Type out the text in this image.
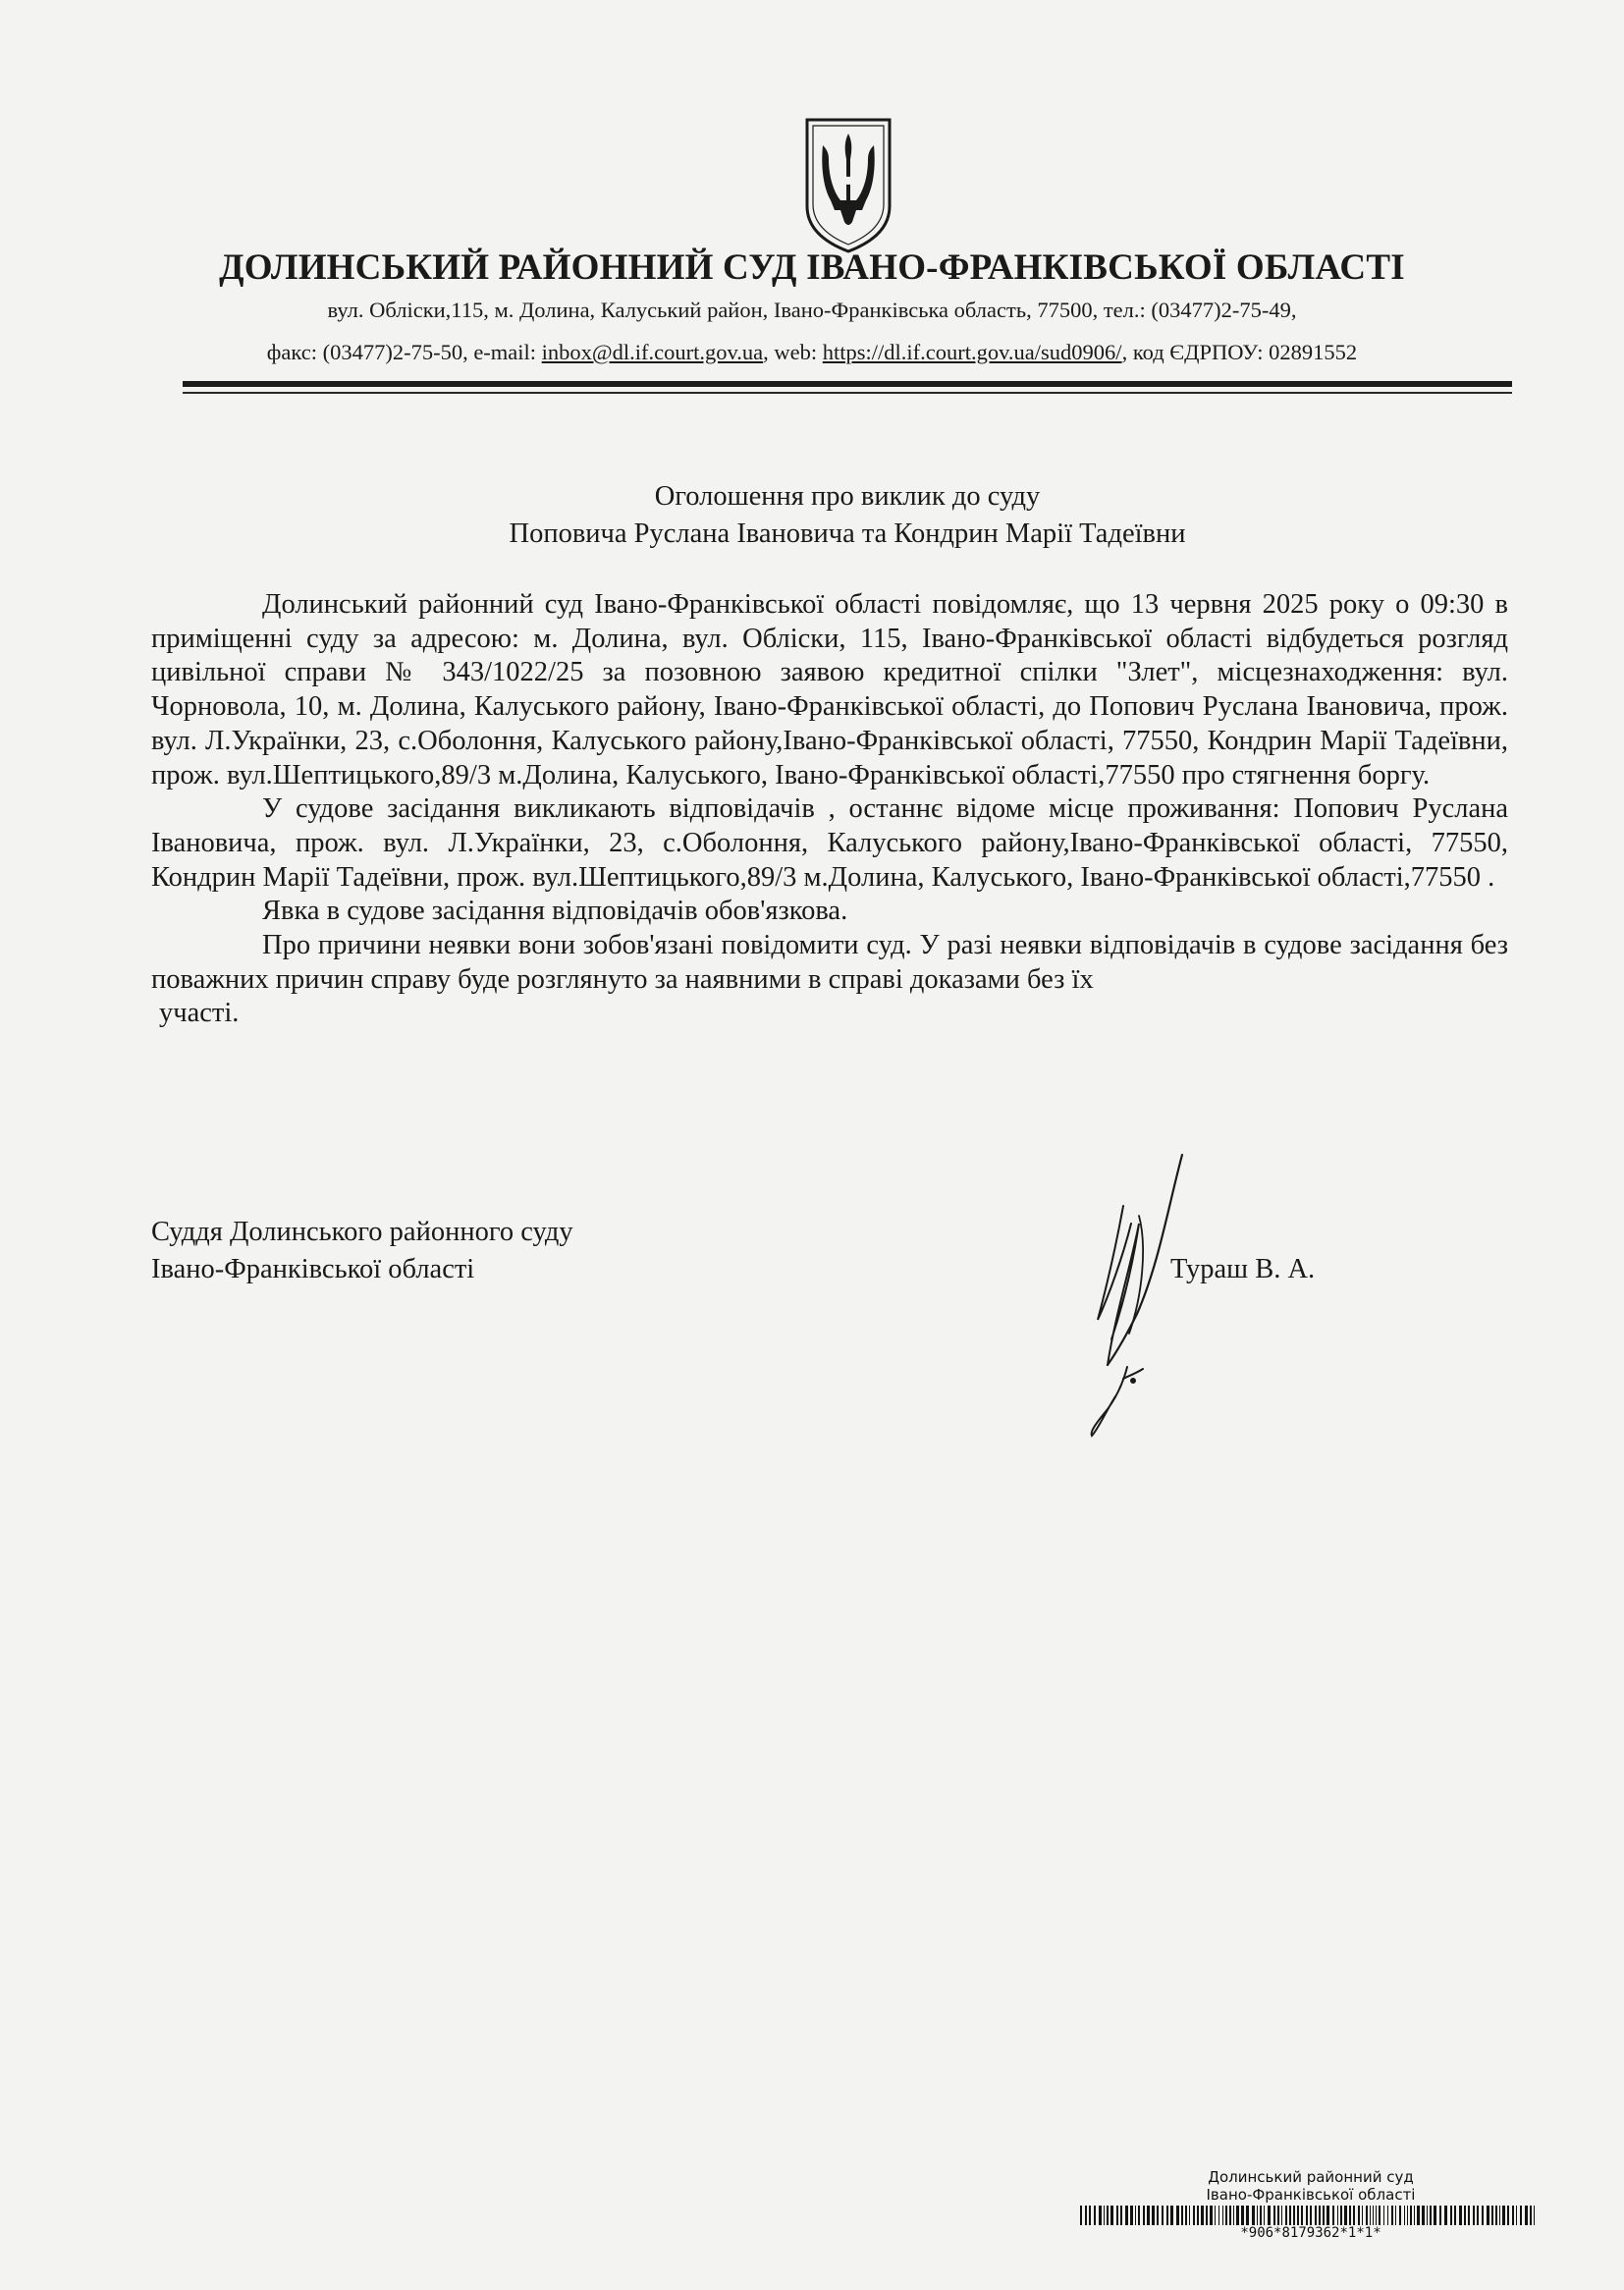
ДОЛИНСЬКИЙ РАЙОННИЙ СУД ІВАНО-ФРАНКІВСЬКОЇ ОБЛАСТІ
вул. Обліски,115, м. Долина, Калуський район, Івано-Франківська область, 77500, тел.: (03477)2-75-49,
факс: (03477)2-75-50, e-mail: inbox@dl.if.court.gov.ua, web: https://dl.if.court.gov.ua/sud0906/, код ЄДРПОУ: 02891552
Оголошення про виклик до суду
Поповича Руслана Івановича та Кондрин Марії Тадеївни

Долинський районний суд Івано-Франківської області повідомляє, що 13 червня 2025 року о 09:30 в приміщенні суду за адресою: м. Долина, вул. Обліски, 115, Івано-Франківської області відбудеться розгляд цивільної справи № 343/1022/25 за позовною заявою кредитної спілки "Злет", місцезнаходження: вул. Чорновола, 10, м. Долина, Калуського району, Івано-Франківської області, до Попович Руслана Івановича, прож. вул. Л.Українки, 23, с.Оболоння, Калуського району,Івано-Франківської області, 77550, Кондрин Марії Тадеївни, прож. вул.Шептицького,89/3 м.Долина, Калуського, Івано-Франківської області,77550 про стягнення боргу.

У судове засідання викликають відповідачів , останнє відоме місце проживання: Попович Руслана Івановича, прож. вул. Л.Українки, 23, с.Оболоння, Калуського району,Івано-Франківської області, 77550, Кондрин Марії Тадеївни, прож. вул.Шептицького,89/3 м.Долина, Калуського, Івано-Франківської області,77550 .

Явка в судове засідання відповідачів обов'язкова.

Про причини неявки вони зобов'язані повідомити суд. У разі неявки відповідачів в судове засідання без поважних причин справу буде розглянуто за наявними в справі доказами без їх

участі.

Суддя Долинського районного суду
Івано-Франківської області	Тураш В. А.
Долинський районний суд
Івано-Франківської області
*906*8179362*1*1*
